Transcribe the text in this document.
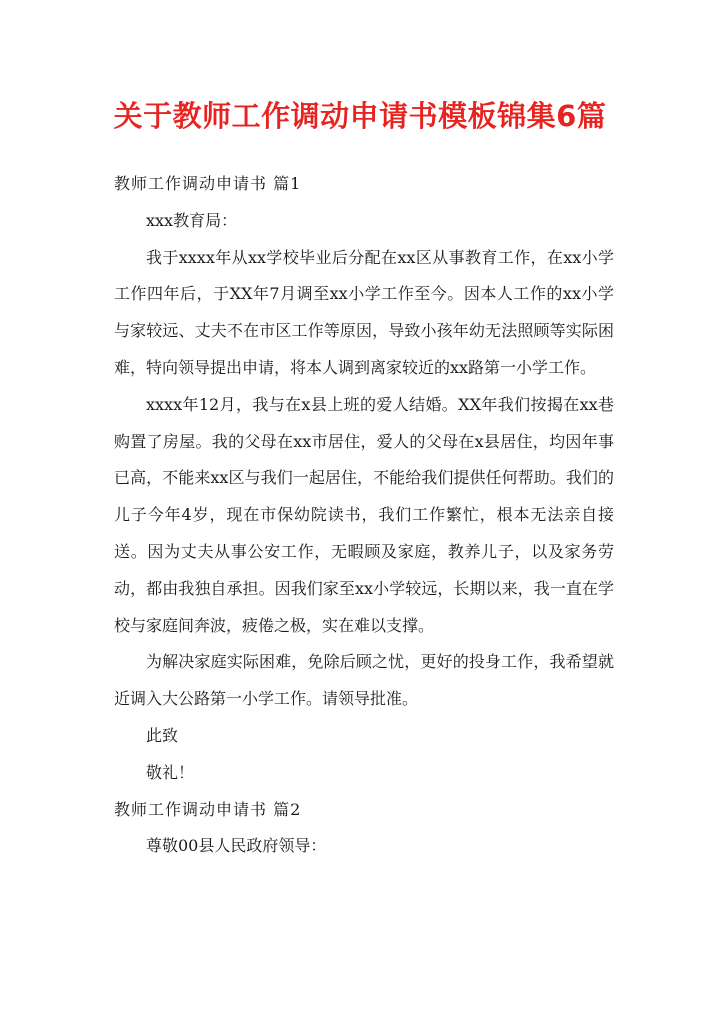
关于教师工作调动申请书模板锦集6篇

教师工作调动申请书 篇1

xxx教育局：

我于xxxx年从xx学校毕业后分配在xx区从事教育工作，在xx小学工作四年后，于XX年7月调至xx小学工作至今。因本人工作的xx小学与家较远、丈夫不在市区工作等原因，导致小孩年幼无法照顾等实际困难，特向领导提出申请，将本人调到离家较近的xx路第一小学工作。

xxxx年12月，我与在x县上班的爱人结婚。XX年我们按揭在xx巷购置了房屋。我的父母在xx市居住，爱人的父母在x县居住，均因年事已高，不能来xx区与我们一起居住，不能给我们提供任何帮助。我们的儿子今年4岁，现在市保幼院读书，我们工作繁忙，根本无法亲自接送。因为丈夫从事公安工作，无暇顾及家庭，教养儿子，以及家务劳动，都由我独自承担。因我们家至xx小学较远，长期以来，我一直在学校与家庭间奔波，疲倦之极，实在难以支撑。

为解决家庭实际困难，免除后顾之忧，更好的投身工作，我希望就近调入大公路第一小学工作。请领导批准。

此致

敬礼！

教师工作调动申请书 篇2

尊敬00县人民政府领导：
